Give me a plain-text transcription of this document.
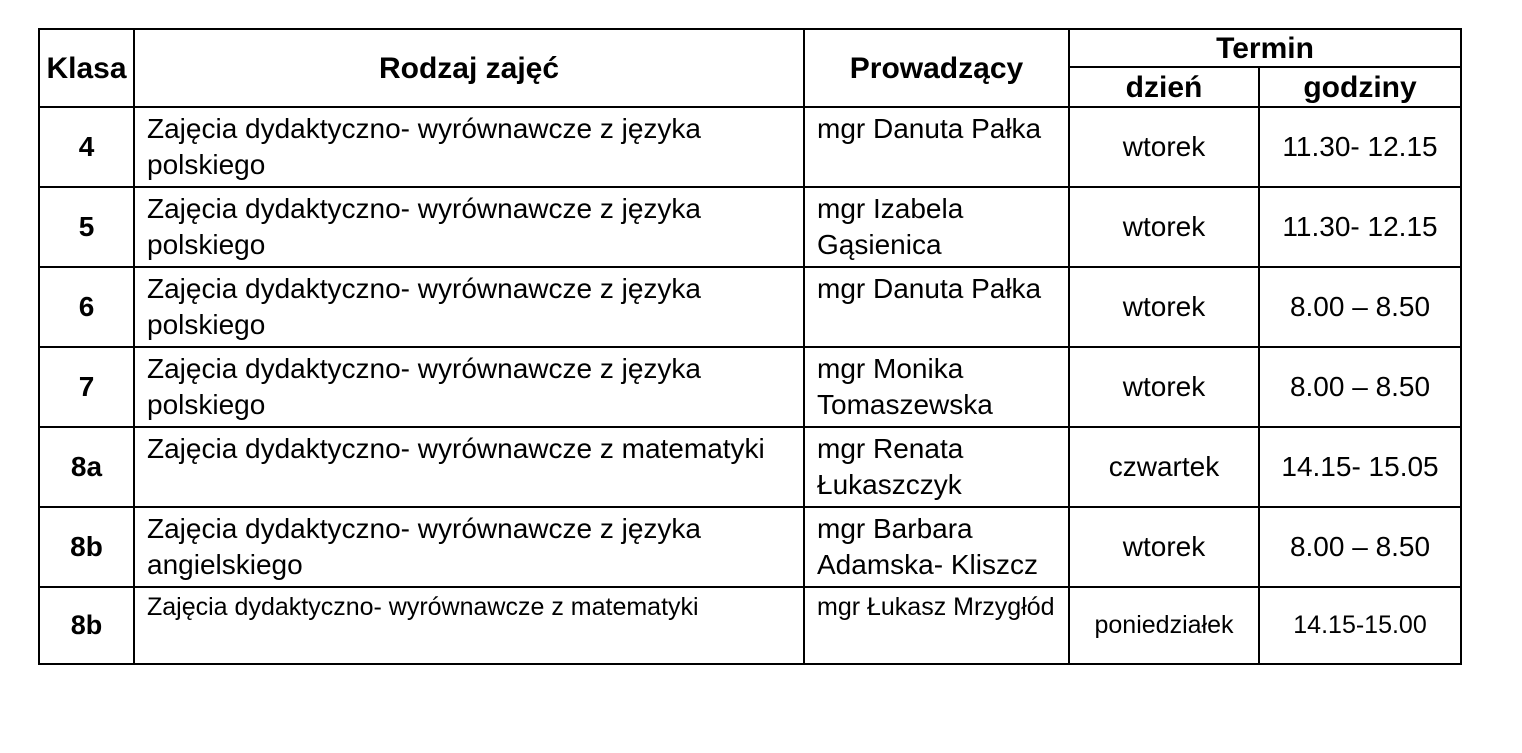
Klasa	Rodzaj zajęć	Prowadzący	Termin	
			dzień	godziny
4	Zajęcia dydaktyczno- wyrównawcze z języka polskiego	mgr Danuta Pałka	wtorek	11.30- 12.15
5	Zajęcia dydaktyczno- wyrównawcze z języka polskiego	mgr Izabela Gąsienica	wtorek	11.30- 12.15
6	Zajęcia dydaktyczno- wyrównawcze z języka polskiego	mgr Danuta Pałka	wtorek	8.00 – 8.50
7	Zajęcia dydaktyczno- wyrównawcze z języka polskiego	mgr Monika Tomaszewska	wtorek	8.00 – 8.50
8a	Zajęcia dydaktyczno- wyrównawcze z matematyki	mgr Renata Łukaszczyk	czwartek	14.15- 15.05
8b	Zajęcia dydaktyczno- wyrównawcze z języka angielskiego	mgr Barbara Adamska- Kliszcz	wtorek	8.00 – 8.50
8b	Zajęcia dydaktyczno- wyrównawcze z matematyki	mgr Łukasz Mrzygłód	poniedziałek	14.15-15.00
